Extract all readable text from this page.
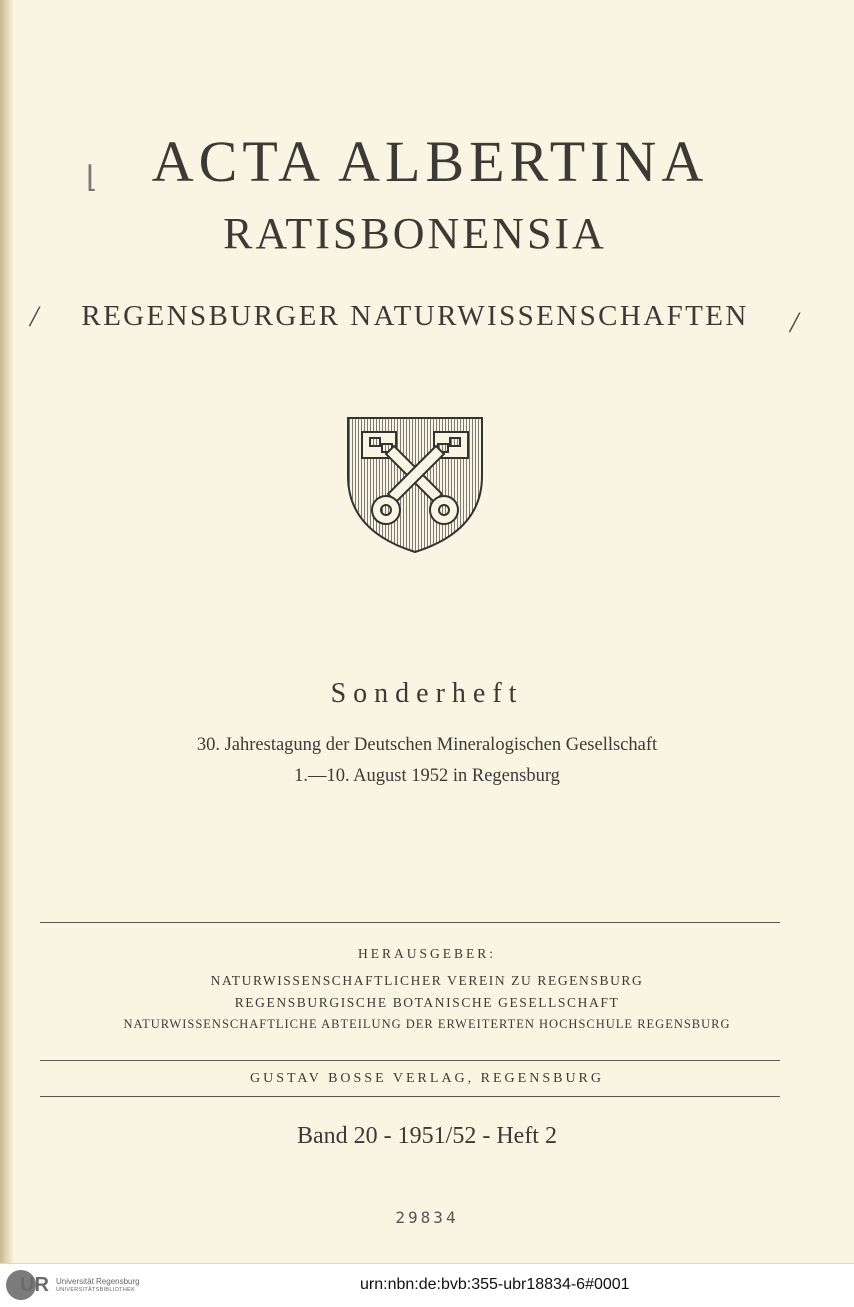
⌊
/	/
ACTA ALBERTINA
RATISBONENSIA
REGENSBURGER NATURWISSENSCHAFTEN
Sonderheft
30. Jahrestagung der Deutschen Mineralogischen Gesellschaft
1.—10. August 1952 in Regensburg
HERAUSGEBER:
NATURWISSENSCHAFTLICHER VEREIN ZU REGENSBURG
REGENSBURGISCHE BOTANISCHE GESELLSCHAFT
NATURWISSENSCHAFTLICHE ABTEILUNG DER ERWEITERTEN HOCHSCHULE REGENSBURG
GUSTAV BOSSE VERLAG, REGENSBURG
Band 20 - 1951/52 - Heft 2
29834
UR Universität Regensburg
UNIVERSITÄTSBIBLIOTHEK	urn:nbn:de:bvb:355-ubr18834-6#0001
